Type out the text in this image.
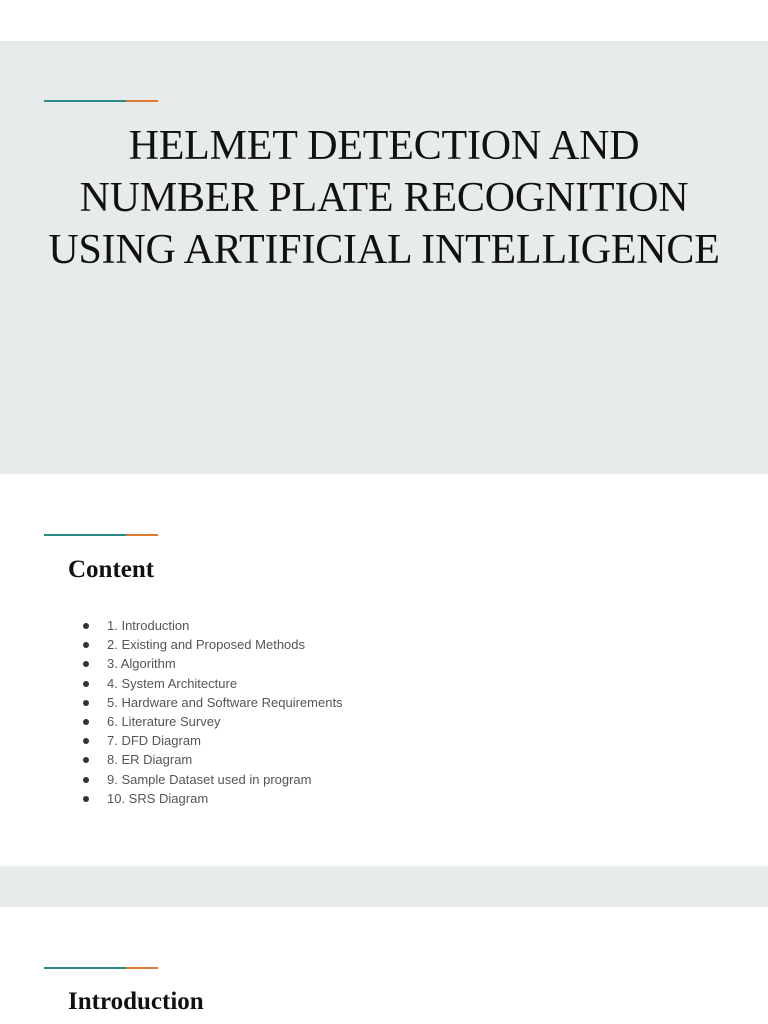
HELMET DETECTION AND NUMBER PLATE RECOGNITION USING ARTIFICIAL INTELLIGENCE
Content
1. Introduction
2. Existing and Proposed Methods
3. Algorithm
4. System Architecture
5. Hardware and Software Requirements
6. Literature Survey
7. DFD Diagram
8. ER Diagram
9. Sample Dataset used in program
10. SRS Diagram
Introduction
